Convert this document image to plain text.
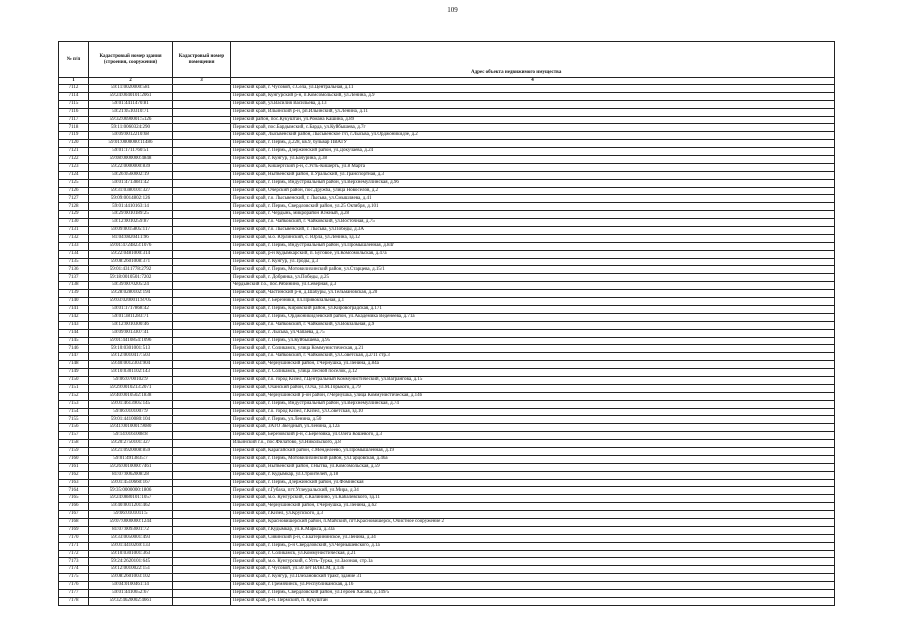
109
№ п/п	Кадастровый номер здания (строения, сооружения)	Кадастровый номер помещения	Адрес объекта недвижимого имущества
1	2	3	4
7112	59:11:0020000:581		Пермский край, г. Чусовой, с.Села, ул.Центральная, д.11
7114	59:24:0040101:2061		Пермский край, Кунгурский р-н, п.Комсомольский, ул.Ленина, д.9
7115	59:01:4411470:81		Пермский край, ул.Василия Васильева, д.13
7116	59:21:0510310:71		Пермский край, Ильинский р-н, рп.Ильинский, ул.Ленина, д.11
7117	59:32:0690001:5126		Пермский район, пос.Кукуштан, ул.Романа Кашина, д.89
7118	59:11:0060324:290		Пермский край, пос.Бардымский, с.Барда, ул.Куйбышева, д.7г
7119	59:09:0012210:68		Пермский край, Лысьвенский район, Лысьвенское г/п, г.Лысьва, ул.Орджоникидзе, д.2
7120	59:01:0000000:11486		Пермский край, г. Пермь, д.228, кв.9, бульвар ПВАТУ
7121	59:01:1711760:51		Пермский край, г. Пермь, Дзержинский район, ул.Докучаева, д.24
7122	59:08:0000000:4848		Пермский край, г. Кунгур, ул.Бачурина, д.38
7123	59:22:0000000:839		Пермский край, Кишертский р-н, с.Усть-Кишерть, ул.8 Марта
7124	59:26:0560002:19		Пермский край, Нытвенский район, п.Уральский, ул.Транспортная, д.3
7125	59:01:4713881:42		Пермский край, г. Пермь, Индустриальный район, ул.Верхнемуллинская, д.96
7126	59:31:0380101:327		Пермский край, Очерский район, пос.Дружба, улица Новоселов, д.2
7127	59:09:0014802:126		Пермский край, г.о. Лысьвенский, г. Лысьва, ул.Смышляева, д.41
7128	59:01:4410163:14		Пермский край, г. Пермь, Свердловский район, ул.25 Октября, д.101
7129	59:29:0010189:25		Пермский край, г. Чердынь, микрорайон Южный, д.28
7130	59:12:0010259:87		Пермский край, г.о. Чайковский, г. Чайковский, ул.Восточная, д.75
7131	59:09:0015805:117		Пермский край, г.о. Лысьвенский, г. Лысьва, ул.Победы, д.3А
7132	81:04:0820411:96		Пермский край, м.о. Юрлинский, с. Юрла, ул.Ленина, зд.12
7133	59:01:4724823:1076		Пермский край, г. Пермь, Индустриальный район, ул.Промышленная, д.84г
7134	59:22:0481000:314		Пермский край, р-н Кудымкарский, п. Буговое, ул.Комсомольская, д.47а
7135	59:08:2601008:371		Пермский край, г. Кунгур, ул.Троды, д.3
7136	59:01:4311778:2792		Пермский край, г. Пермь, Мотовилихинский район, ул.Старцева, д.15/1
7137	59:18:0010501:7202		Пермский край, г. Добрянка, ул.Победы, д.25
7138	59:39:0070205:24		Чердынский г.о., пос.Рябинино, ул.Северная, д.3
7139	59:28:0280102:194		Пермский край, Частинский р-н, д.Шабуры, ул.Тельмановская, д.20
7140	59:03:0200011:8705		Пермский край, г. Березники, пл.Привокзальная, д.1
7141	59:01:1717868:42		Пермский край, г. Пермь, Кировский район, ул.Кировоградская, д.171
7142	59:01:3811283:71		Пермский край, г. Пермь, Орджоникидзевский район, ул.Академика Веденеева, д.71а
7143	59:12:0010300:46		Пермский край, г.о. Чайковский, г. Чайковский, ул.Вокзальная, д.9
7144	59:09:0013307:41		Пермский край, г. Лысьва, ул.Чапаева, д.75
7145	59:01:4410854:1096		Пермский край, г. Пермь, ул.Куйбышева, д.95
7146	59:10:0301001:513		Пермский край, г. Соликамск, улица Коммунистическая, д.21
7147	59:12:0010417:503		Пермский край, г.о. Чайковский, г. Чайковский, ул.Советская, д.2/11 стр.3
7148	59:40:0012303:904		Пермский край, Чернушинский район, г.Чернушка, ул.Ленина, д.84а
7149	59:10:0301102:143		Пермский край, г. Соликамск, улица Лесной поселок, д.12
7150	59:06:0700102:9		Пермский край, г.о. город Кизел, г.Центральный Коммунистический, ул.Вагрангова, д.15
7151	59:29:0010213:2071		Пермский край, Оханский район, г.Оха, ул.М.Горького, д.79
7152	59:40:0010502:1838		Пермский край, Чернушинский р-он район, г.Чернушка, улица Коммунистическая, д.14б
7153	59:01:4613905:145		Пермский край, г. Пермь, Индустриальный район, ул.Верхнемуллинская, д.74
7154	59:06:0101007:9		Пермский край, г.о. город Кизел, г.Кизел, ул.Советская, зд.10
7155	59:01:4410080:104		Пермский край, г. Пермь, ул.Ленина, д.50
7156	59:41:0010001:9080		Пермский край, ЗАТО Звёздный, ул.Ленина, д.12а
7157	59:14:0161008:8		Пермский край, Березовский р-н, с.Березовка, ул.Олега Кошевого, д.3
7158	59:20:2750101:327		Ильинский г.о., пос.Филатово, ул.Никольского, д.8
7159	59:21:0920008:859		Пермский край, Карагайский район, с.Менделеево, ул.Промышленная, д.19
7160	59:01:4913835:7		Пермский край, г. Пермь, Мотовилихинский район, ул.Гарцовская, д.46а
7161	59:26:0010000:7461		Пермский край, Нытвенский район, г.Нытва, ул.Комсомольская, д.59
7162	81:07:0062008:28		Пермский край, г. Кудымкар, ул.Строителей, д.18
7163	59:01:4510660:167		Пермский край, г. Пермь, Дзержинский район, ул.Фоминская
7164	59:35:0000000:1806		Пермский край, г.Губаха, пгт.Углеуральский, ул.Мира, д.34
7165	59:24:0880101:1057		Пермский край, м.о. Кунгурский, с.Калинино, ул.Кабалевского, зд.11
7166	59:40:0011201:462		Пермский край, Чернушинский район, г.Чернушка, ул.Ленина, д.62
7167	59:06:0101011:5		Пермский край, г.Кизел, ул.Крупского, д.3
7168	59:07:0000000:1244		Пермский край, Красновишерский район, п.Майский, пгт.Красновишерск, Очистное сооружение 2
7169	81:07:0093001:72		Пермский край, г.Кудымкар, ул.К.Маркса, д.33а
7170	59:33:0050001:493		Пермский край, Сивинский р-н, с.Екатерининское, ул.Ленина, д.34
7171	59:01:4410269:133		Пермский край, г. Пермь, р-н Свердловский, ул.Чернышевского, д.1а
7172	59:10:0301001:363		Пермский край, г. Соликамск, ул.Коммунистическая, д.21
7173	59:24:2620101:645		Пермский край, м.о. Кунгурский, с.Усть-Турка, ул.Заозная, стр.1а
7174	59:12:0010022:151		Пермский край, г. Чусовой, ул.50 лет ВЛКСМ, д.13б
7175	59:08:2601003:102		Пермский край, г. Кунгур, ул.Плехановский тракт, здание 31
7176	59:04:0100461:14		Пермский край, г. Гремячинск, ул.Республиканская, д.16
7177	59:01:4410652:67		Пермский край, г. Пермь, Свердловский район, ул.Героев Хасана, д.149/5
7178	59:32:4620002:4661		Пермский край, р-н. Пермский, п. Кукуштан
